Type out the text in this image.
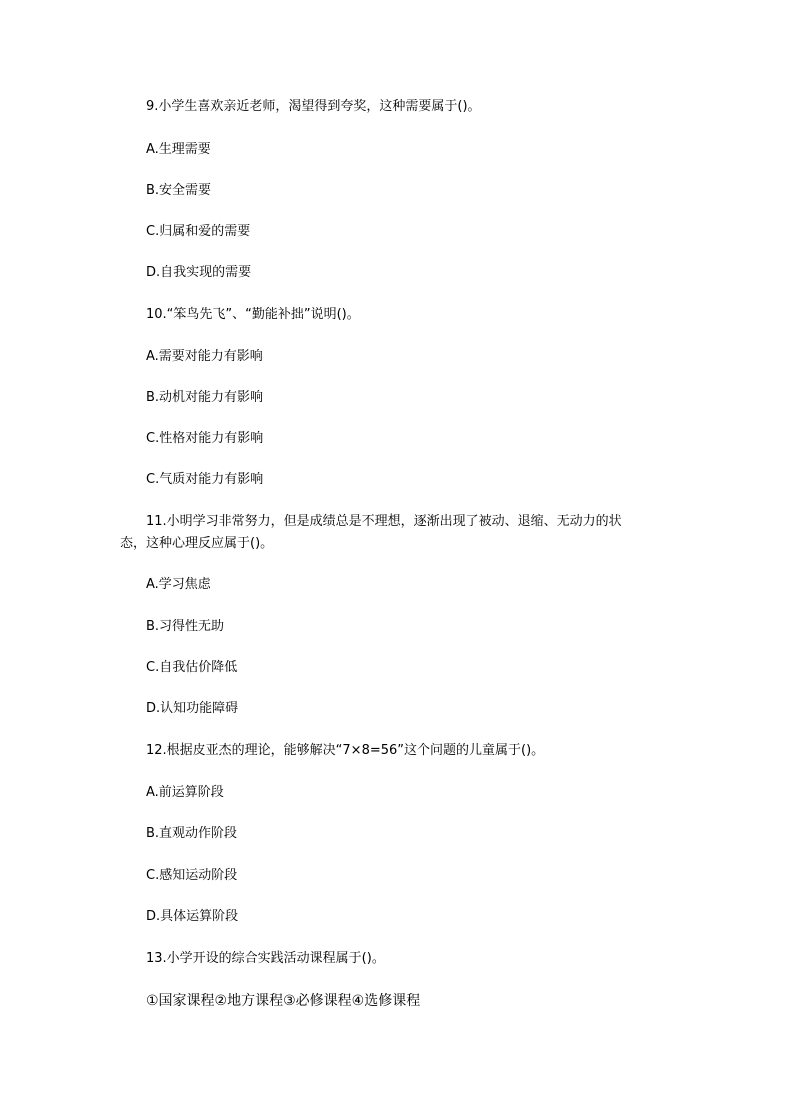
9.小学生喜欢亲近老师，渴望得到夸奖，这种需要属于()。
A.生理需要
B.安全需要
C.归属和爱的需要
D.自我实现的需要
10.“笨鸟先飞”、“勤能补拙”说明()。
A.需要对能力有影响
B.动机对能力有影响
C.性格对能力有影响
C.气质对能力有影响
11.小明学习非常努力，但是成绩总是不理想，逐渐出现了被动、退缩、无动力的状
态，这种心理反应属于()。
A.学习焦虑
B.习得性无助
C.自我估价降低
D.认知功能障碍
12.根据皮亚杰的理论，能够解决“7×8=56”这个问题的儿童属于()。
A.前运算阶段
B.直观动作阶段
C.感知运动阶段
D.具体运算阶段
13.小学开设的综合实践活动课程属于()。
①国家课程②地方课程③必修课程④选修课程
